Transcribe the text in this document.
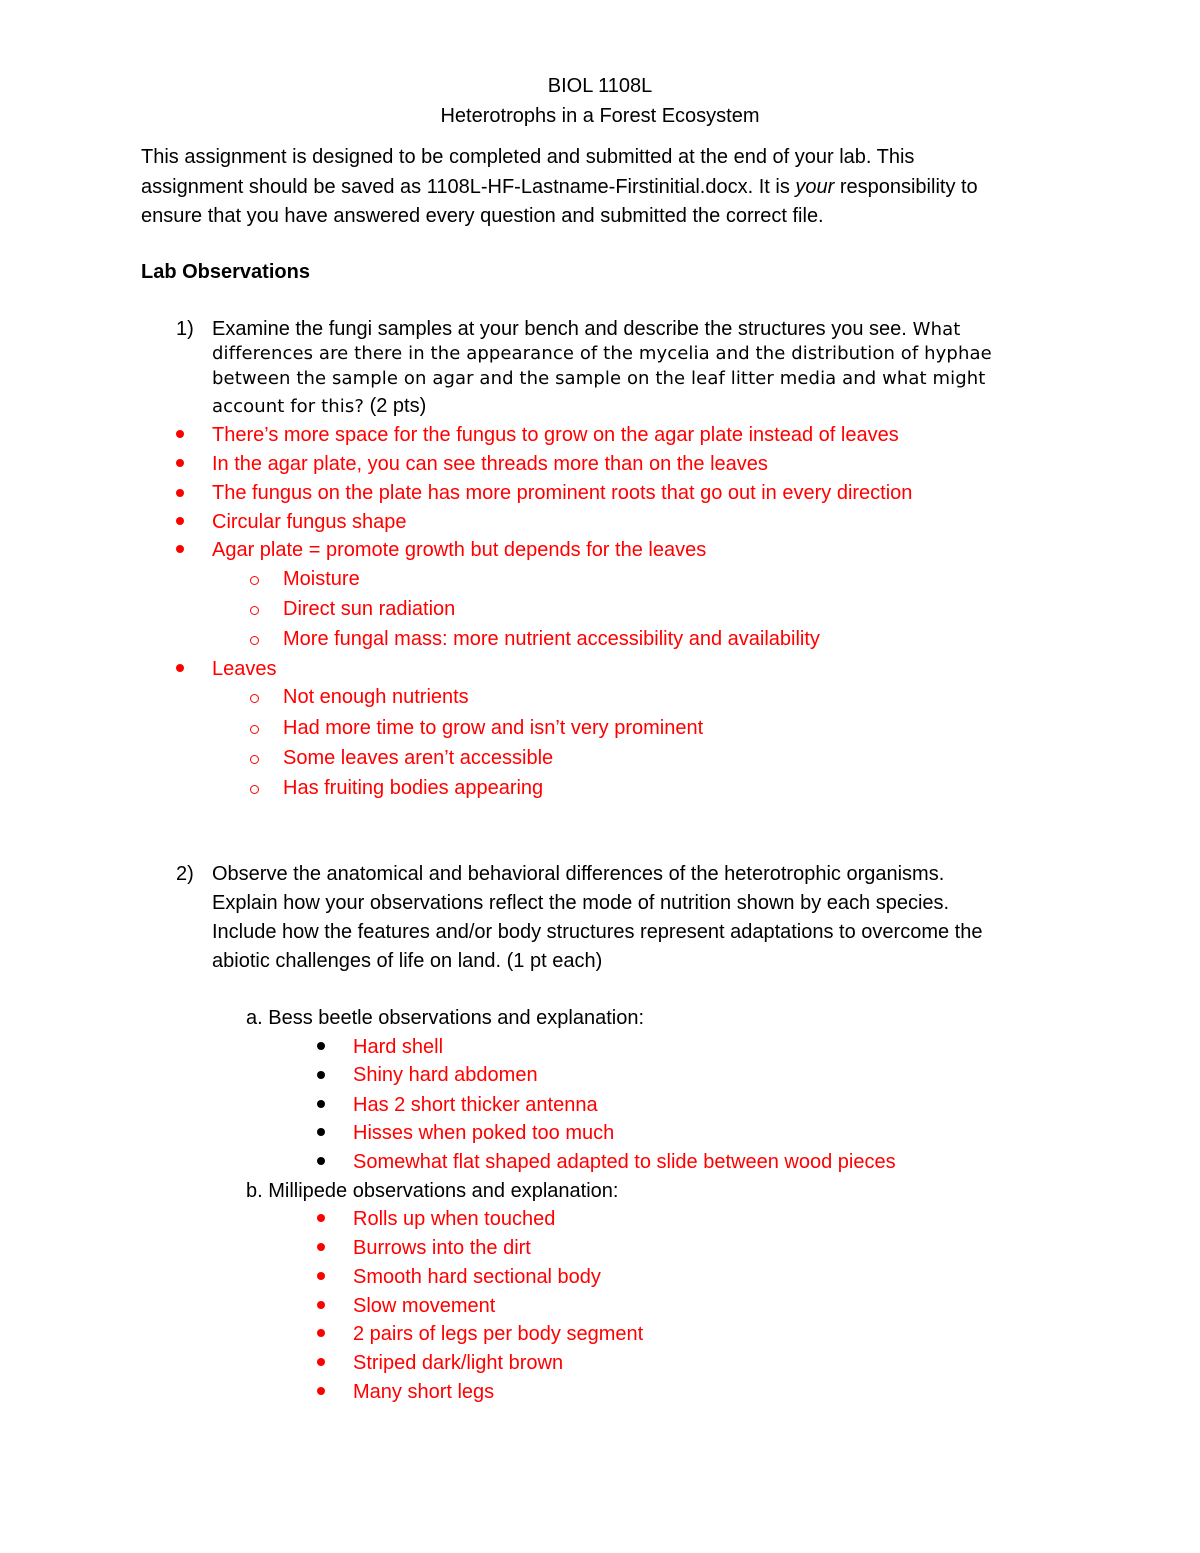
BIOL 1108L
Heterotrophs in a Forest Ecosystem
This assignment is designed to be completed and submitted at the end of your lab. This
assignment should be saved as 1108L-HF-Lastname-Firstinitial.docx. It is your responsibility to
ensure that you have answered every question and submitted the correct file.
Lab Observations
1) Examine the fungi samples at your bench and describe the structures you see. What
differences are there in the appearance of the mycelia and the distribution of hyphae
between the sample on agar and the sample on the leaf litter media and what might
account for this? (2 pts)
There’s more space for the fungus to grow on the agar plate instead of leaves
In the agar plate, you can see threads more than on the leaves
The fungus on the plate has more prominent roots that go out in every direction
Circular fungus shape
Agar plate = promote growth but depends for the leaves
Moisture
Direct sun radiation
More fungal mass: more nutrient accessibility and availability
Leaves
Not enough nutrients
Had more time to grow and isn’t very prominent
Some leaves aren’t accessible
Has fruiting bodies appearing
2) Observe the anatomical and behavioral differences of the heterotrophic organisms.
Explain how your observations reflect the mode of nutrition shown by each species.
Include how the features and/or body structures represent adaptations to overcome the
abiotic challenges of life on land. (1 pt each)
a. Bess beetle observations and explanation:
Hard shell
Shiny hard abdomen
Has 2 short thicker antenna
Hisses when poked too much
Somewhat flat shaped adapted to slide between wood pieces
b. Millipede observations and explanation:
Rolls up when touched
Burrows into the dirt
Smooth hard sectional body
Slow movement
2 pairs of legs per body segment
Striped dark/light brown
Many short legs
